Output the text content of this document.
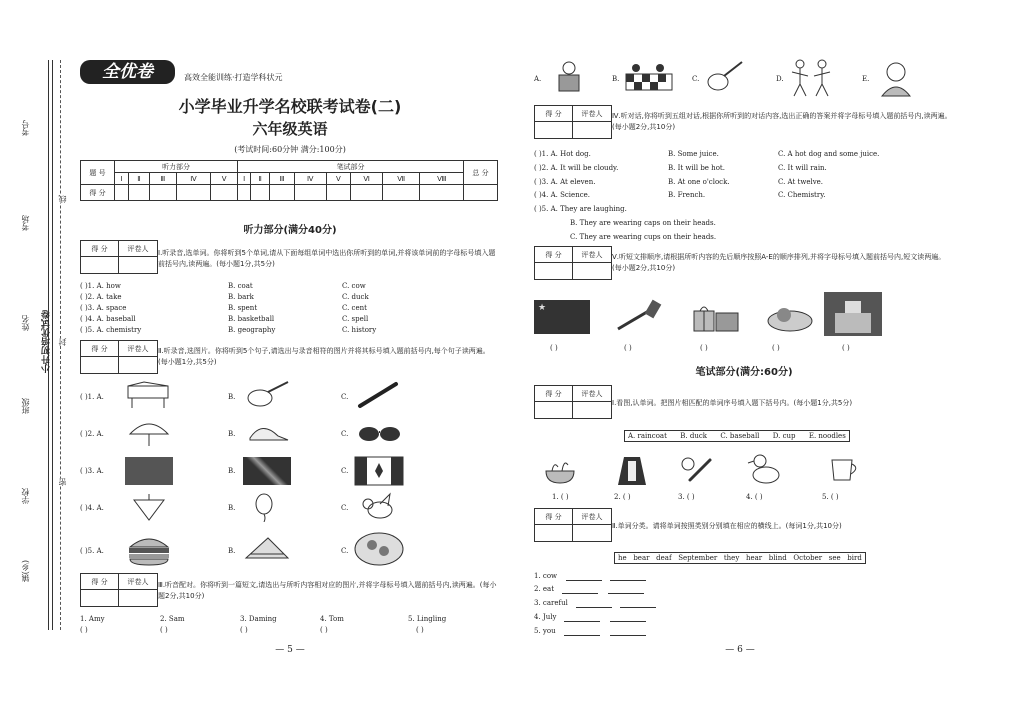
考号
考场
姓名
班级
学校
镇(乡)
小升初培优试卷
线
封
密
全优卷	高效全能训练·打造学科状元
小学毕业升学名校联考试卷(二)
六年级英语
(考试时间:60分钟 满分:100分)
题 号	听力部分					笔试部分								总 分
	Ⅰ	Ⅱ	Ⅲ	Ⅳ	Ⅴ	Ⅰ	Ⅱ	Ⅲ	Ⅳ	Ⅴ	Ⅵ	Ⅶ	Ⅷ	
得 分														
听力部分(满分40分)
得 分	评卷人
Ⅰ.听录音,选单词。你将听到5个单词,请从下面每组单词中选出你所听到的单词,并将该单词前的字母标号填入题前括号内,读两遍。(每小题1分,共5分)
( )1. A. how	B. coat	C. cow
( )2. A. take	B. bark	C. duck
( )3. A. space	B. spent	C. cent
( )4. A. baseball	B. basketball	C. spell
( )5. A. chemistry	B. geography	C. history
得 分	评卷人	Ⅱ.听录音,选图片。你将听到5个句子,请选出与录音相符的图片并将其标号填入题前括号内,每个句子读两遍。(每小题1分,共5分)
( )1. A.	B.	C.
( )2. A.	B.	C.
( )3. A.	B.	C.
( )4. A.	B.	C.
( )5. A.	B.	C.
得 分	评卷人	Ⅲ.听音配对。你将听到一篇短文,请选出与所听内容相对应的图片,并将字母标号填入题前括号内,读两遍。(每小题2分,共10分)
1. Amy	2. Sam	3. Daming	4. Tom	5. Lingling
( )	( )	( )	( )	( )
— 5 —
A.	B.	C.	D.	E.
得 分	评卷人	Ⅳ.听对话,你将听到五组对话,根据你所听到的对话内容,选出正确的答案并将字母标号填入题前括号内,读两遍。(每小题2分,共10分)
( )1. A. Hot dog.	B. Some juice.	C. A hot dog and some juice.
( )2. A. It will be cloudy.	B. It will be hot.	C. It will rain.
( )3. A. At eleven.	B. At one o'clock.	C. At twelve.
( )4. A. Science.	B. French.	C. Chemistry.
( )5. A. They are laughing.
B. They are wearing caps on their heads.
C. They are wearing cups on their heads.
得 分	评卷人	Ⅴ.听短文排顺序,请根据所听内容的先后顺序按照A-E的顺序排列,并将字母标号填入题前括号内,短文读两遍。(每小题2分,共10分)
★
( )	( )	( )	( )	( )
笔试部分(满分:60分)
得 分	评卷人
Ⅰ.看图,认单词。把图片相匹配的单词序号填入题下括号内。(每小题1分,共5分)
A. raincoat      B. duck      C. baseball      D. cup      E. noodles
1. ( )	2. ( )	3. ( )	4. ( )	5. ( )
得 分	评卷人
Ⅱ.单词分类。请将单词按照类别分别填在相应的横线上。(每词1分,共10分)
he   bear   deaf   September   they   hear   blind   October   see   bird
1. cow
2. eat
3. careful
4. July
5. you
— 6 —
